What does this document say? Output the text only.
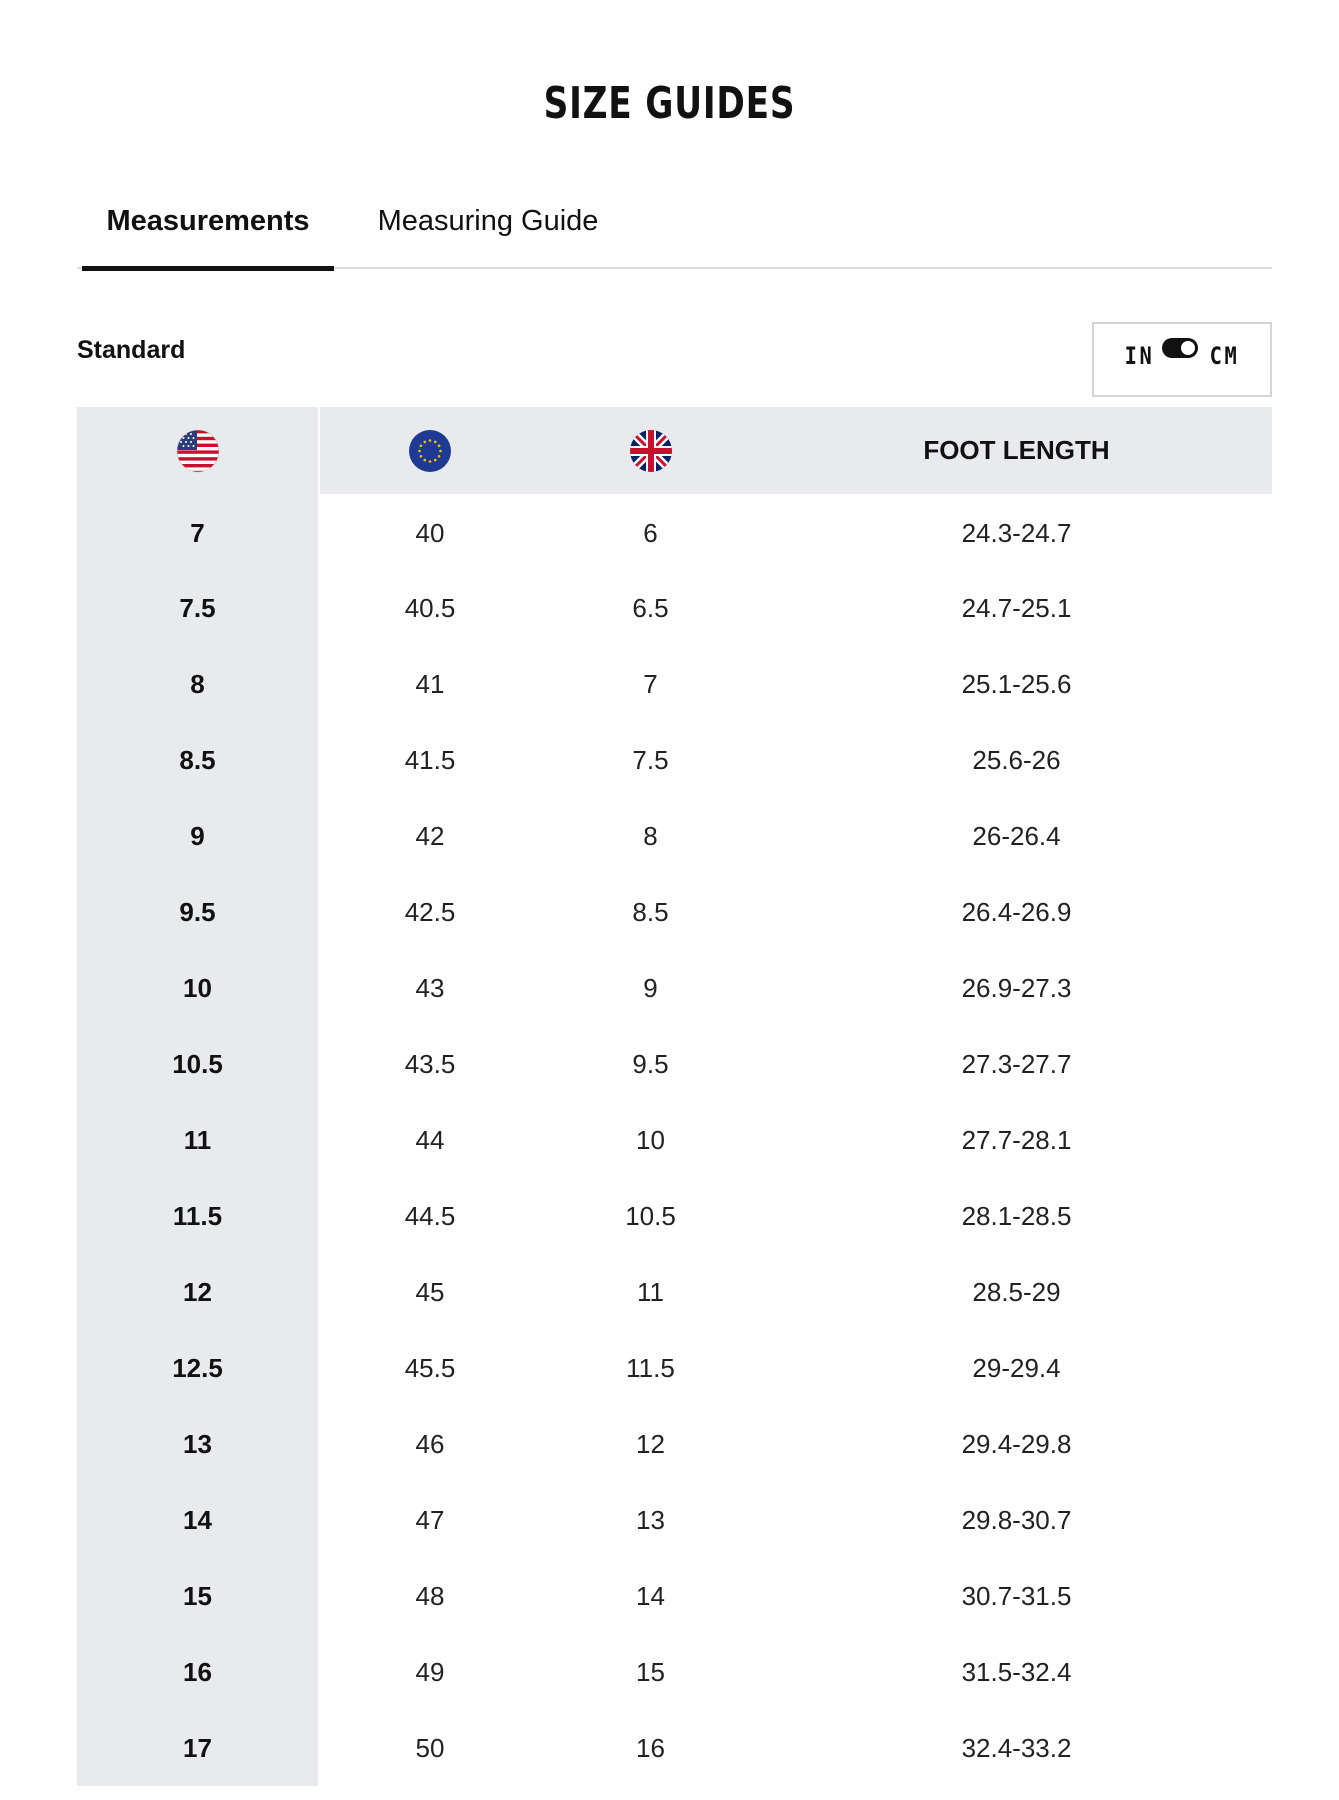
SIZE GUIDES
Measurements	Measuring Guide
Standard	IN CM
			FOOT LENGTH
7	40	6	24.3-24.7
7.5	40.5	6.5	24.7-25.1
8	41	7	25.1-25.6
8.5	41.5	7.5	25.6-26
9	42	8	26-26.4
9.5	42.5	8.5	26.4-26.9
10	43	9	26.9-27.3
10.5	43.5	9.5	27.3-27.7
11	44	10	27.7-28.1
11.5	44.5	10.5	28.1-28.5
12	45	11	28.5-29
12.5	45.5	11.5	29-29.4
13	46	12	29.4-29.8
14	47	13	29.8-30.7
15	48	14	30.7-31.5
16	49	15	31.5-32.4
17	50	16	32.4-33.2
